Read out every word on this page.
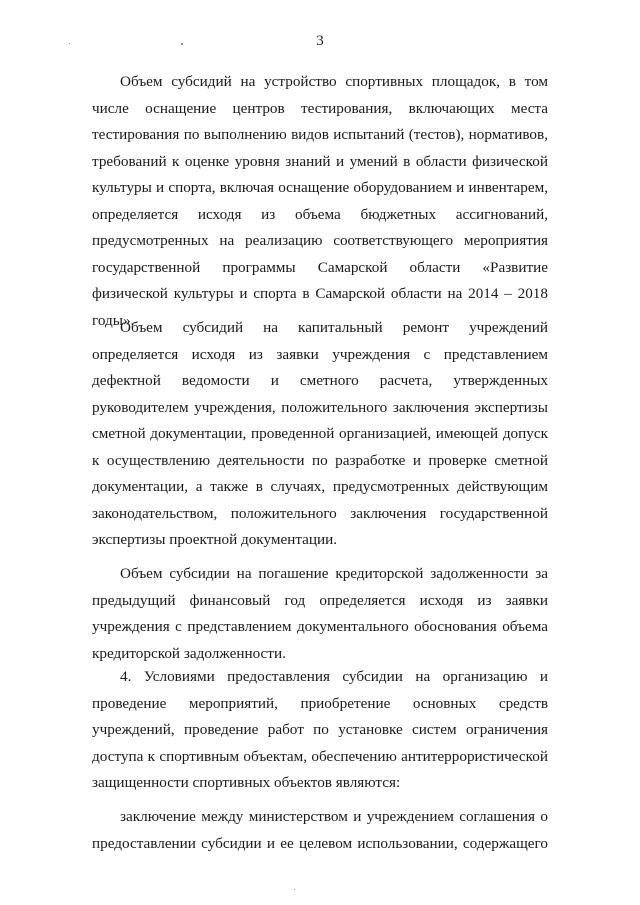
3

Объем субсидий на устройство спортивных площадок, в том числе оснащение центров тестирования, включающих места тестирования по выполнению видов испытаний (тестов), нормативов, требований к оценке уровня знаний и умений в области физической культуры и спорта, включая оснащение оборудованием и инвентарем, определяется исходя из объема бюджетных ассигнований, предусмотренных на реализацию соответствующего мероприятия государственной программы Самарской области «Развитие физической культуры и спорта в Самарской области на 2014 – 2018 годы».

Объем субсидий на капитальный ремонт учреждений определяется исходя из заявки учреждения с представлением дефектной ведомости и сметного расчета, утвержденных руководителем учреждения, положительного заключения экспертизы сметной документации, проведенной организацией, имеющей допуск к осуществлению деятельности по разработке и проверке сметной документации, а также в случаях, предусмотренных действующим законодательством, положительного заключения государственной экспертизы проектной документации.

Объем субсидии на погашение кредиторской задолженности за предыдущий финансовый год определяется исходя из заявки учреждения с представлением документального обоснования объема кредиторской задолженности.

4. Условиями предоставления субсидии на организацию и проведение мероприятий, приобретение основных средств учреждений, проведение работ по установке систем ограничения доступа к спортивным объектам, обеспечению антитеррористической защищенности спортивных объектов являются:

заключение между министерством и учреждением соглашения о предоставлении субсидии и ее целевом использовании, содержащего
